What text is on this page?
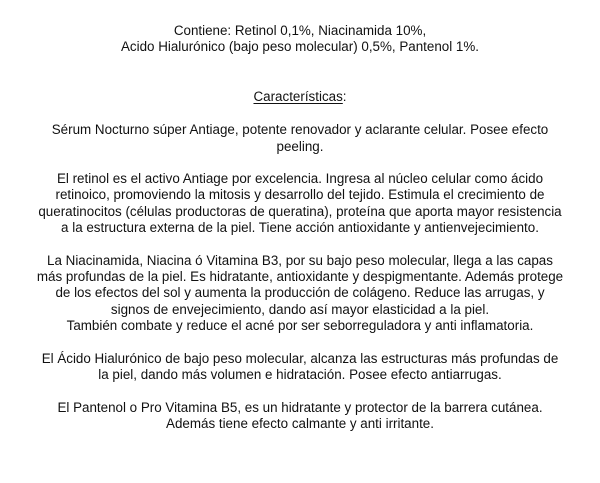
Contiene: Retinol 0,1%, Niacinamida 10%,
Acido Hialurónico (bajo peso molecular) 0,5%, Pantenol 1%.

Características:

Sérum Nocturno súper Antiage, potente renovador y aclarante celular. Posee efecto
peeling.

El retinol es el activo Antiage por excelencia. Ingresa al núcleo celular como ácido
retinoico, promoviendo la mitosis y desarrollo del tejido. Estimula el crecimiento de
queratinocitos (células productoras de queratina), proteína que aporta mayor resistencia
a la estructura externa de la piel. Tiene acción antioxidante y antienvejecimiento.

La Niacinamida, Niacina ó Vitamina B3, por su bajo peso molecular, llega a las capas
más profundas de la piel. Es hidratante, antioxidante y despigmentante. Además protege
de los efectos del sol y aumenta la producción de colágeno. Reduce las arrugas, y
signos de envejecimiento, dando así mayor elasticidad a la piel.
También combate y reduce el acné por ser seborreguladora y anti inflamatoria.

El Ácido Hialurónico de bajo peso molecular, alcanza las estructuras más profundas de
la piel, dando más volumen e hidratación. Posee efecto antiarrugas.

El Pantenol o Pro Vitamina B5, es un hidratante y protector de la barrera cutánea.
Además tiene efecto calmante y anti irritante.
